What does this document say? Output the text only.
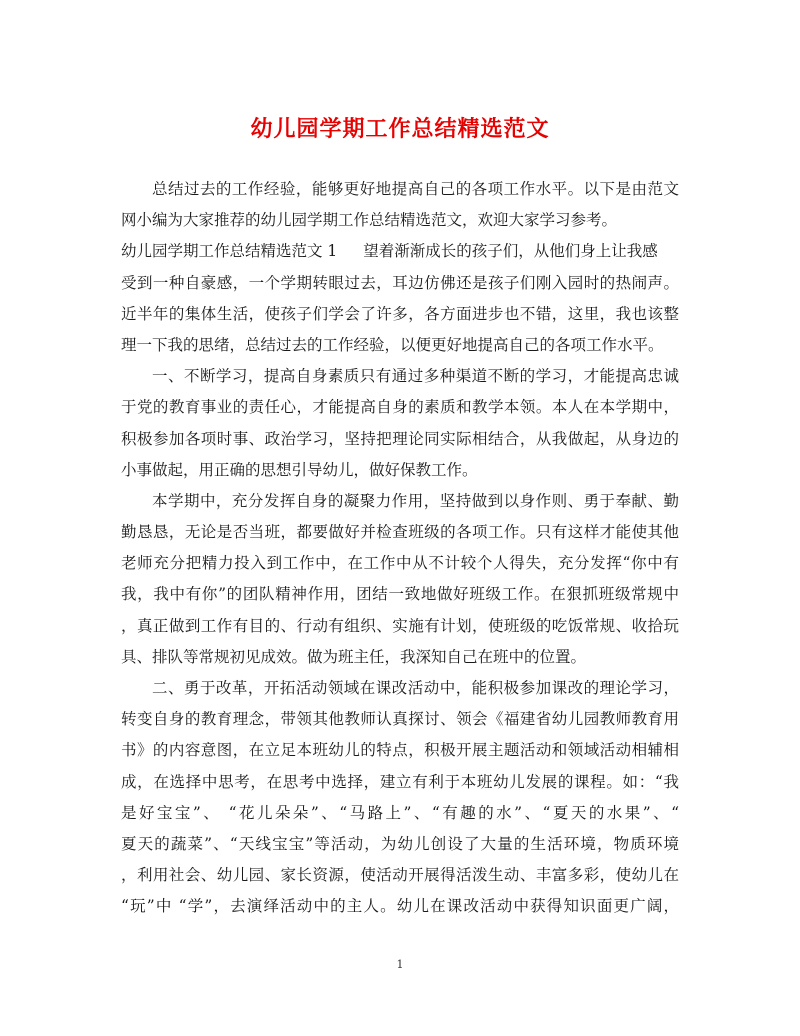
幼儿园学期工作总结精选范文
总结过去的工作经验，能够更好地提高自己的各项工作水平。以下是由范文
网小编为大家推荐的幼儿园学期工作总结精选范文，欢迎大家学习参考。
幼儿园学期工作总结精选范文 1 望着渐渐成长的孩子们，从他们身上让我感
受到一种自豪感，一个学期转眼过去，耳边仿佛还是孩子们刚入园时的热闹声。
近半年的集体生活，使孩子们学会了许多，各方面进步也不错，这里，我也该整
理一下我的思绪，总结过去的工作经验，以便更好地提高自己的各项工作水平。
一、不断学习，提高自身素质只有通过多种渠道不断的学习，才能提高忠诚
于党的教育事业的责任心，才能提高自身的素质和教学本领。本人在本学期中，
积极参加各项时事、政治学习，坚持把理论同实际相结合，从我做起，从身边的
小事做起，用正确的思想引导幼儿，做好保教工作。
本学期中，充分发挥自身的凝聚力作用，坚持做到以身作则、勇于奉献、勤
勤恳恳，无论是否当班，都要做好并检查班级的各项工作。只有这样才能使其他
老师充分把精力投入到工作中，在工作中从不计较个人得失，充分发挥“你中有
我，我中有你”的团队精神作用，团结一致地做好班级工作。在狠抓班级常规中
，真正做到工作有目的、行动有组织、实施有计划，使班级的吃饭常规、收拾玩
具、排队等常规初见成效。做为班主任，我深知自己在班中的位置。
二、勇于改革，开拓活动领域在课改活动中，能积极参加课改的理论学习，
转变自身的教育理念，带领其他教师认真探讨、领会《福建省幼儿园教师教育用
书》的内容意图，在立足本班幼儿的特点，积极开展主题活动和领域活动相辅相
成，在选择中思考，在思考中选择，建立有利于本班幼儿发展的课程。如：“我
是好宝宝”、 “花儿朵朵”、“马路上”、“有趣的水”、“夏天的水果”、“
夏天的蔬菜”、“天线宝宝”等活动，为幼儿创设了大量的生活环境，物质环境
，利用社会、幼儿园、家长资源，使活动开展得活泼生动、丰富多彩，使幼儿在
“玩”中 “学”，去演绎活动中的主人。幼儿在课改活动中获得知识面更广阔，
1
